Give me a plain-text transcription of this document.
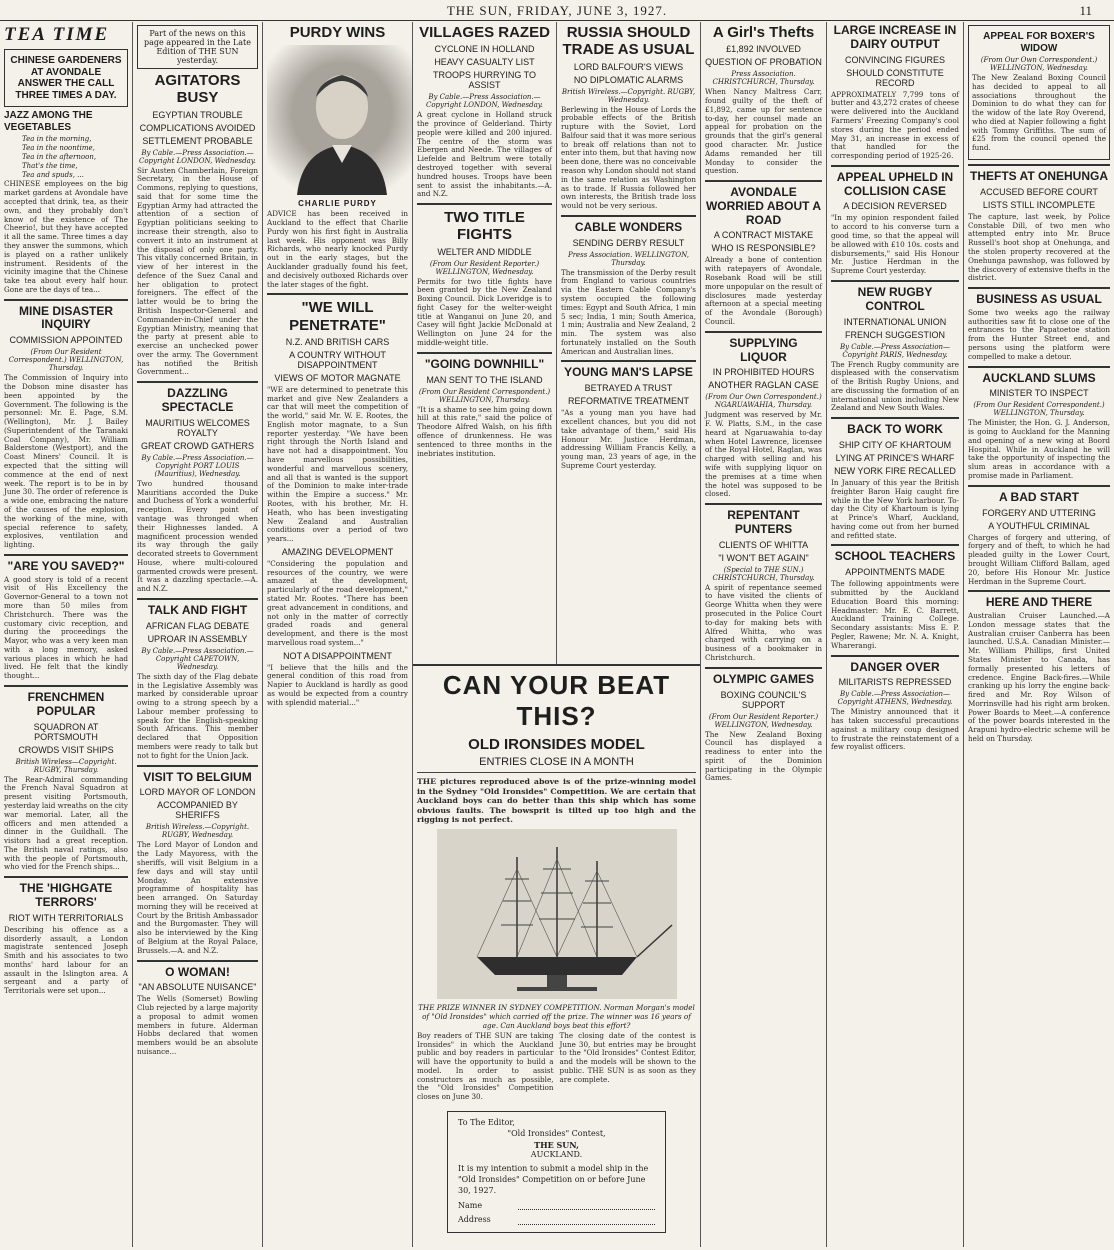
THE SUN, FRIDAY, JUNE 3, 1927.	11
TEA TIME
CHINESE GARDENERS AT AVONDALE ANSWER THE CALL THREE TIMES A DAY.
JAZZ AMONG THE VEGETABLES
Tea in the morning,
Tea in the noontime,
Tea in the afternoon,
That's the time,
Tea and spuds, ...

CHINESE employees on the big market gardens at Avondale have accepted that drink, tea, as their own, and they probably don't know of the existence of The Cheerio!, but they have accepted it all the same. Three times a day they answer the summons, which is played on a rather unlikely instrument. Residents of the vicinity imagine that the Chinese take tea about every half hour. Gone are the days of tea...

MINE DISASTER INQUIRY
COMMISSION APPOINTED
(From Our Resident Correspondent.) WELLINGTON, Thursday.

The Commission of Inquiry into the Dobson mine disaster has been appointed by the Government. The following is the personnel: Mr. E. Page, S.M. (Wellington), Mr. J. Bailey (Superintendent of the Taranaki Coal Company), Mr. William Balderstone (Westport), and the Coast Miners' Council. It is expected that the sitting will commence at the end of next week. The report is to be in by June 30. The order of reference is a wide one, embracing the nature of the causes of the explosion, the working of the mine, with special reference to safety, explosives, ventilation and lighting.

"ARE YOU SAVED?"

A good story is told of a recent visit of His Excellency the Governor-General to a town not more than 50 miles from Christchurch. There was the customary civic reception, and during the proceedings the Mayor, who was a very keen man with a long memory, asked various places in which he had lived. He felt that the kindly thought...

FRENCHMEN POPULAR
SQUADRON AT PORTSMOUTH
CROWDS VISIT SHIPS
British Wireless—Copyright. RUGBY, Thursday.

The Rear-Admiral commanding the French Naval Squadron at present visiting Portsmouth, yesterday laid wreaths on the city war memorial. Later, all the officers and men attended a dinner in the Guildhall. The visitors had a great reception. The British naval ratings, also with the people of Portsmouth, who vied for the French ships...

THE 'HIGHGATE TERRORS'
RIOT WITH TERRITORIALS

Describing his offence as a disorderly assault, a London magistrate sentenced Joseph Smith and his associates to two months' hard labour for an assault in the Islington area. A sergeant and a party of Territorials were set upon...

Part of the news on this page appeared in the Late Edition of THE SUN yesterday.
AGITATORS BUSY
EGYPTIAN TROUBLE
COMPLICATIONS AVOIDED
SETTLEMENT PROBABLE
By Cable.—Press Association.—Copyright LONDON, Wednesday.

Sir Austen Chamberlain, Foreign Secretary, in the House of Commons, replying to questions, said that for some time the Egyptian Army had attracted the attention of a section of Egyptian politicians seeking to increase their strength, also to convert it into an instrument at the disposal of only one party. This vitally concerned Britain, in view of her interest in the defence of the Suez Canal and her obligation to protect foreigners. The effect of the latter would be to bring the British Inspector-General and Commander-in-Chief under the Egyptian Ministry, meaning that the party at present able to exercise an unchecked power over the army. The Government has notified the British Government...

DAZZLING SPECTACLE
MAURITIUS WELCOMES ROYALTY
GREAT CROWD GATHERS
By Cable.—Press Association.—Copyright PORT LOUIS (Mauritius), Wednesday.

Two hundred thousand Mauritians accorded the Duke and Duchess of York a wonderful reception. Every point of vantage was thronged when their Highnesses landed. A magnificent procession wended its way through the gaily decorated streets to Government House, where multi-coloured garmented crowds were present. It was a dazzling spectacle.—A. and N.Z.

TALK AND FIGHT
AFRICAN FLAG DEBATE
UPROAR IN ASSEMBLY
By Cable.—Press Association.—Copyright CAPETOWN, Wednesday.

The sixth day of the Flag debate in the Legislative Assembly was marked by considerable uproar owing to a strong speech by a Labour member professing to speak for the English-speaking South Africans. This member declared that Opposition members were ready to talk but not to fight for the Union Jack.

VISIT TO BELGIUM
LORD MAYOR OF LONDON
ACCOMPANIED BY SHERIFFS
British Wireless.—Copyright. RUGBY, Wednesday.

The Lord Mayor of London and the Lady Mayoress, with the sheriffs, will visit Belgium in a few days and will stay until Monday. An extensive programme of hospitality has been arranged. On Saturday morning they will be received at Court by the British Ambassador and the Burgomaster. They will also be interviewed by the King of Belgium at the Royal Palace, Brussels.—A. and N.Z.

O WOMAN!
"AN ABSOLUTE NUISANCE"

The Wells (Somerset) Bowling Club rejected by a large majority a proposal to admit women members in future. Alderman Hobbs declared that women members would be an absolute nuisance...

PURDY WINS
CHARLIE PURDY

ADVICE has been received in Auckland to the effect that Charlie Purdy won his first fight in Australia last week. His opponent was Billy Richards, who nearly knocked Purdy out in the early stages, but the Aucklander gradually found his feet, and decisively outboxed Richards over the later stages of the fight.

"WE WILL PENETRATE"
N.Z. AND BRITISH CARS
A COUNTRY WITHOUT DISAPPOINTMENT
VIEWS OF MOTOR MAGNATE

"WE are determined to penetrate this market and give New Zealanders a car that will meet the competition of the world," said Mr. W. E. Rootes, the English motor magnate, to a Sun reporter yesterday. "We have been right through the North Island and have not had a disappointment. You have marvellous possibilities, wonderful and marvellous scenery, and all that is wanted is the support of the Dominion to make inter-trade within the Empire a success." Mr. Rootes, with his brother, Mr. H. Heath, who has been investigating New Zealand and Australian conditions over a period of two years...

AMAZING DEVELOPMENT

"Considering the population and resources of the country, we were amazed at the development, particularly of the road development," stated Mr. Rootes. "There has been great advancement in conditions, and not only in the matter of correctly graded roads and general development, and there is the most marvellous road system..."

NOT A DISAPPOINTMENT

"I believe that the hills and the general condition of this road from Napier to Auckland is hardly as good as would be expected from a country with splendid material..."

VILLAGES RAZED
CYCLONE IN HOLLAND
HEAVY CASUALTY LIST
TROOPS HURRYING TO ASSIST
By Cable.—Press Association.—Copyright LONDON, Wednesday.

A great cyclone in Holland struck the province of Gelderland. Thirty people were killed and 200 injured. The centre of the storm was Ebergen and Neede. The villages of Liefelde and Beltrum were totally destroyed together with several hundred houses. Troops have been sent to assist the inhabitants.—A. and N.Z.

TWO TITLE FIGHTS
WELTER AND MIDDLE
(From Our Resident Reporter.) WELLINGTON, Wednesday.

Permits for two title fights have been granted by the New Zealand Boxing Council. Dick Loveridge is to fight Casey for the welter-weight title at Wanganui on June 20, and Casey will fight Jackie McDonald at Wellington on June 24 for the middle-weight title.

"GOING DOWNHILL"
MAN SENT TO THE ISLAND
(From Our Resident Correspondent.) WELLINGTON, Thursday.

"It is a shame to see him going down hill at this rate," said the police of Theodore Alfred Walsh, on his fifth offence of drunkenness. He was sentenced to three months in the inebriates institution.

RUSSIA SHOULD TRADE AS USUAL
LORD BALFOUR'S VIEWS
NO DIPLOMATIC ALARMS
British Wireless.—Copyright. RUGBY, Wednesday.

Berlewing in the House of Lords the probable effects of the British rupture with the Soviet, Lord Balfour said that it was more serious to break off relations than not to enter into them, but that having now been done, there was no conceivable reason why London should not stand in the same relation as Washington as to trade. If Russia followed her own interests, the British trade loss would not be very serious.

CABLE WONDERS
SENDING DERBY RESULT
Press Association. WELLINGTON, Thursday.

The transmission of the Derby result from England to various countries via the Eastern Cable Company's system occupied the following times: Egypt and South Africa, 1 min 5 sec; India, 1 min; South America, 1 min; Australia and New Zealand, 2 min. The system was also fortunately installed on the South American and Australian lines.

YOUNG MAN'S LAPSE
BETRAYED A TRUST
REFORMATIVE TREATMENT

"As a young man you have had excellent chances, but you did not take advantage of them," said His Honour Mr. Justice Herdman, addressing William Francis Kelly, a young man, 23 years of age, in the Supreme Court yesterday.

CAN YOUR BEAT THIS?
OLD IRONSIDES MODEL
ENTRIES CLOSE IN A MONTH

THE pictures reproduced above is of the prize-winning model in the Sydney "Old Ironsides" Competition. We are certain that Auckland boys can do better than this ship which has some obvious faults. The bowsprit is tilted up too high and the rigging is not perfect.

THE PRIZE WINNER IN SYDNEY COMPETITION. Norman Morgan's model of "Old Ironsides" which carried off the prize. The winner was 16 years of age. Can Auckland boys beat this effort?

Boy readers of THE SUN are taking Ironsides" in which the Auckland public and boy readers in particular will have the opportunity to build a model. In order to assist constructors as much as possible, the "Old Ironsides" Competition closes on June 30.

The closing date of the contest is June 30, but entries may be brought to the "Old Ironsides" Contest Editor, and the models will be shown to the public. THE SUN is as soon as they are complete.

To The Editor,
"Old Ironsides" Contest,
THE SUN,
AUCKLAND.
It is my intention to submit a model ship in the "Old Ironsides" Competition on or before June 30, 1927.
Name
Address
A Girl's Thefts
£1,892 INVOLVED
QUESTION OF PROBATION
Press Association. CHRISTCHURCH, Thursday.

When Nancy Maltress Carr, found guilty of the theft of £1,892, came up for sentence to-day, her counsel made an appeal for probation on the grounds that the girl's general good character. Mr. Justice Adams remanded her till Monday to consider the question.

AVONDALE WORRIED ABOUT A ROAD
A CONTRACT MISTAKE
WHO IS RESPONSIBLE?

Already a bone of contention with ratepayers of Avondale, Rosebank Road will be still more unpopular on the result of disclosures made yesterday afternoon at a special meeting of the Avondale (Borough) Council.

SUPPLYING LIQUOR
IN PROHIBITED HOURS
ANOTHER RAGLAN CASE
(From Our Own Correspondent.) NGARUAWAHIA, Thursday.

Judgment was reserved by Mr. F. W. Platts, S.M., in the case heard at Ngaruawahia to-day when Hotel Lawrence, licensee of the Royal Hotel, Raglan, was charged with selling and his wife with supplying liquor on the premises at a time when the hotel was supposed to be closed.

REPENTANT PUNTERS
CLIENTS OF WHITTA
"I WON'T BET AGAIN"
(Special to THE SUN.) CHRISTCHURCH, Thursday.

A spirit of repentance seemed to have visited the clients of George Whitta when they were prosecuted in the Police Court to-day for making bets with Alfred Whitta, who was charged with carrying on a business of a bookmaker in Christchurch.

OLYMPIC GAMES
BOXING COUNCIL'S SUPPORT
(From Our Resident Reporter.) WELLINGTON, Wednesday.

The New Zealand Boxing Council has displayed a readiness to enter into the spirit of the Dominion participating in the Olympic Games.

LARGE INCREASE IN DAIRY OUTPUT
CONVINCING FIGURES
SHOULD CONSTITUTE RECORD

APPROXIMATELY 7,799 tons of butter and 43,272 crates of cheese were delivered into the Auckland Farmers' Freezing Company's cool stores during the period ended May 31, an increase in excess of that handled for the corresponding period of 1925-26.

APPEAL UPHELD IN COLLISION CASE
A DECISION REVERSED

"In my opinion respondent failed to accord to his converse turn a good time, so that the appeal will be allowed with £10 10s. costs and disbursements," said His Honour Mr. Justice Herdman in the Supreme Court yesterday.

NEW RUGBY CONTROL
INTERNATIONAL UNION
FRENCH SUGGESTION
By Cable.—Press Association—Copyright PARIS, Wednesday.

The French Rugby community are displeased with the conservatism of the British Rugby Unions, and are discussing the formation of an international union including New Zealand and New South Wales.

BACK TO WORK
SHIP CITY OF KHARTOUM
LYING AT PRINCE'S WHARF
NEW YORK FIRE RECALLED

In January of this year the British freighter Baron Haig caught fire while in the New York harbour. To-day the City of Khartoum is lying at Prince's Wharf, Auckland, having come out from her burned and refitted state.

SCHOOL TEACHERS
APPOINTMENTS MADE

The following appointments were submitted by the Auckland Education Board this morning: Headmaster: Mr. E. C. Barrett, Auckland Training College. Secondary assistants: Miss E. P. Pegler, Rawene; Mr. N. A. Knight, Wharerangi.

DANGER OVER
MILITARISTS REPRESSED
By Cable.—Press Association—Copyright ATHENS, Wednesday.

The Ministry announced that it has taken successful precautions against a military coup designed to frustrate the reinstatement of a few royalist officers.

APPEAL FOR BOXER'S WIDOW
(From Our Own Correspondent.) WELLINGTON, Wednesday.

The New Zealand Boxing Council has decided to appeal to all associations throughout the Dominion to do what they can for the widow of the late Roy Overend, who died at Napier following a fight with Tommy Griffiths. The sum of £25 from the council opened the fund.

THEFTS AT ONEHUNGA
ACCUSED BEFORE COURT
LISTS STILL INCOMPLETE

The capture, last week, by Police Constable Dill, of two men who attempted entry into Mr. Bruce Russell's boot shop at Onehunga, and the stolen property recovered at the Onehunga pawnshop, was followed by the discovery of extensive thefts in the district.

BUSINESS AS USUAL

Some two weeks ago the railway authorities saw fit to close one of the entrances to the Papatoetoe station from the Hunter Street end, and persons using the platform were compelled to make a detour.

AUCKLAND SLUMS
MINISTER TO INSPECT
(From Our Resident Correspondent.) WELLINGTON, Thursday.

The Minister, the Hon. G. J. Anderson, is going to Auckland for the Manning and opening of a new wing at Boord Hospital. While in Auckland he will take the opportunity of inspecting the slum areas in accordance with a promise made in Parliament.

A BAD START
FORGERY AND UTTERING
A YOUTHFUL CRIMINAL

Charges of forgery and uttering, of forgery and of theft, to which he had pleaded guilty in the Lower Court, brought William Clifford Ballam, aged 20, before His Honour Mr. Justice Herdman in the Supreme Court.

HERE AND THERE

Australian Cruiser Launched.—A London message states that the Australian cruiser Canberra has been launched. U.S.A. Canadian Minister.—Mr. William Phillips, first United States Minister to Canada, has formally presented his letters of credence. Engine Back-fires.—While cranking up his lorry the engine back-fired and Mr. Roy Wilson of Morrinsville had his right arm broken. Power Boards to Meet.—A conference of the power boards interested in the Arapuni hydro-electric scheme will be held on Thursday.
